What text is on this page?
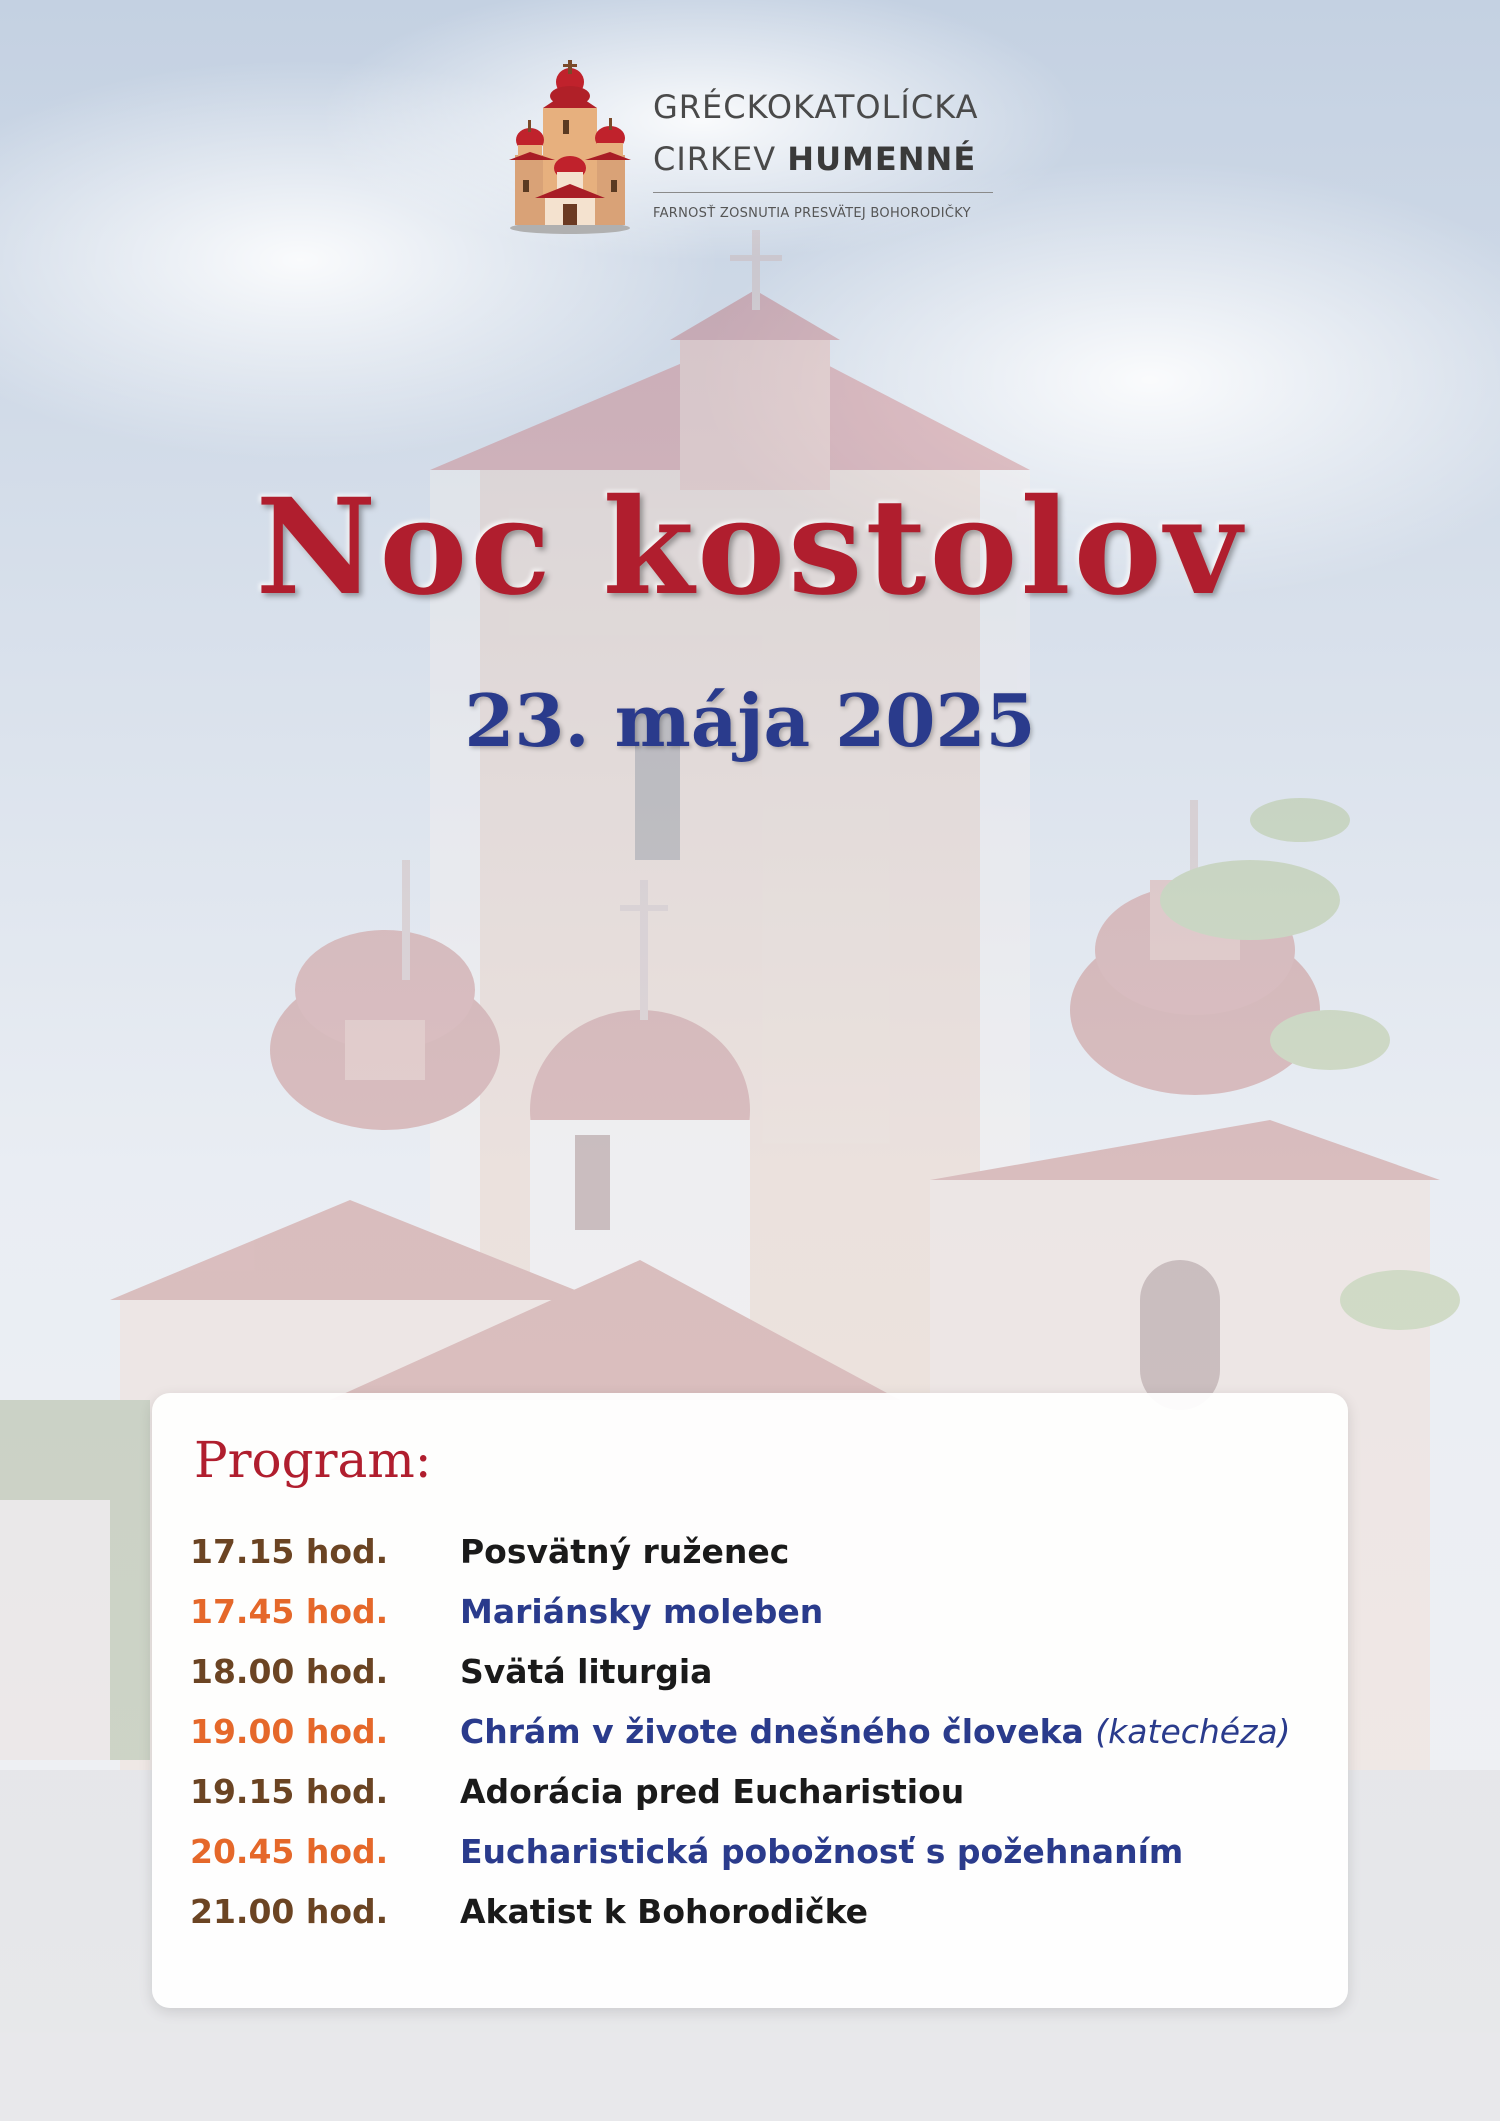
GRÉCKOKATOLÍCKA
CIRKEV HUMENNÉ
FARNOSŤ ZOSNUTIA PRESVÄTEJ BOHORODIČKY
Noc kostolov
23. mája 2025
Program:
17.15 hod.	Posvätný ruženec
17.45 hod.	Mariánsky moleben
18.00 hod.	Svätá liturgia
19.00 hod.	Chrám v živote dnešného človeka (katechéza)
19.15 hod.	Adorácia pred Eucharistiou
20.45 hod.	Eucharistická pobožnosť s požehnaním
21.00 hod.	Akatist k Bohorodičke
